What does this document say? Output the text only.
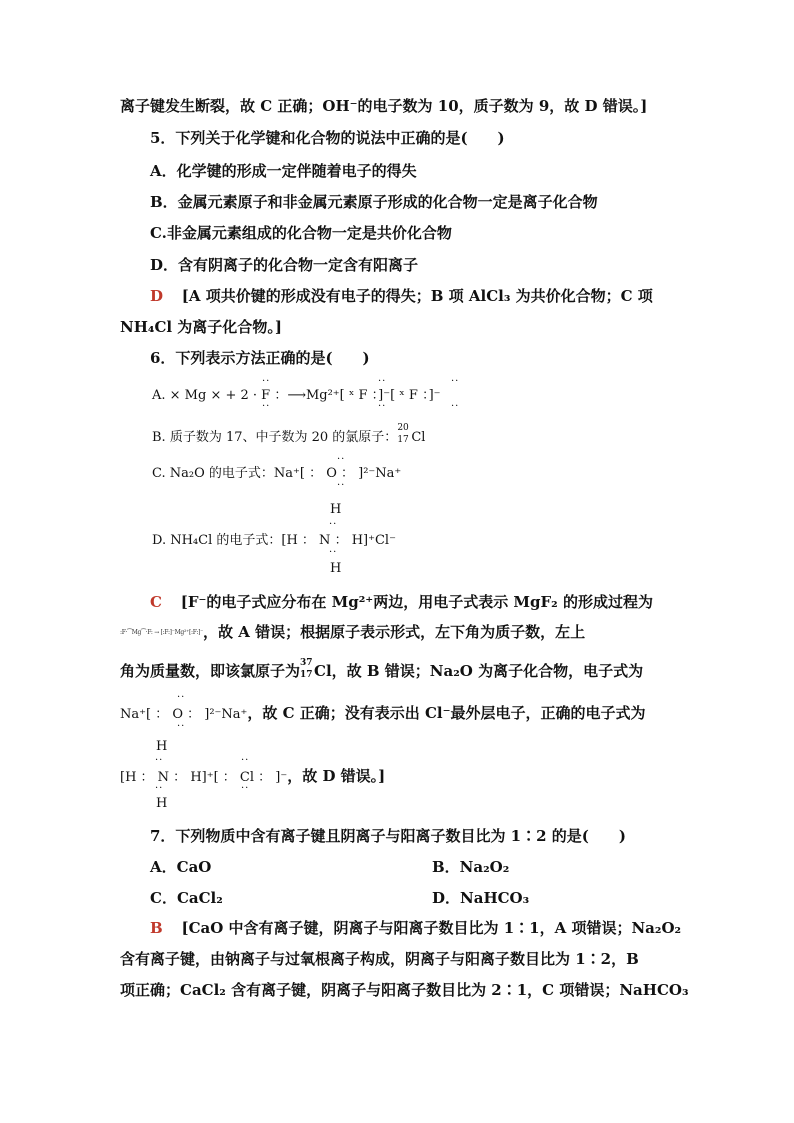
离子键发生断裂，故 C 正确；OH⁻的电子数为 10，质子数为 9，故 D 错误。]
5．下列关于化学键和化合物的说法中正确的是(　　)
A．化学键的形成一定伴随着电子的得失
B．金属元素原子和非金属元素原子形成的化合物一定是离子化合物
C.非金属元素组成的化合物一定是共价化合物
D．含有阴离子的化合物一定含有阳离子
D [A 项共价键的形成没有电子的得失；B 项 AlCl₃ 为共价化合物；C 项
NH₄Cl 为离子化合物。]
6．下列表示方法正确的是(　　)
··	··	··
A. × Mg × + 2 · F ：⟶Mg²⁺[ ˣ F ：]⁻[ ˣ F ：]⁻
··	··	··
B. 质子数为 17、中子数为 20 的氯原子：
20
17 Cl
··
C. Na₂O 的电子式：Na⁺[ ： O ： ]²⁻Na⁺
··
H
··
D. NH₄Cl 的电子式：[H ： N ： H]⁺Cl⁻
··
H
C [F⁻的电子式应分布在 Mg²⁺两边，用电子式表示 MgF₂ 的形成过程为
:F·⁀Mg⁀·F: → [:F:]⁻Mg²⁺[:F:]⁻，故 A 错误；根据原子表示形式，左下角为质子数，左上
角为质量数，即该氯原子为 37
17 Cl，故 B 错误；Na₂O 为离子化合物，电子式为
··
Na⁺[ ： O ： ]²⁻Na⁺，故 C 正确；没有表示出 Cl⁻最外层电子，正确的电子式为
··
H
··	··
[H ： N ： H]⁺[ ： Cl ： ]⁻，故 D 错误。]
··	··
H
7．下列物质中含有离子键且阴离子与阳离子数目比为 1∶2 的是(　　)
A．CaO	B．Na₂O₂
C．CaCl₂	D．NaHCO₃
B [CaO 中含有离子键，阴离子与阳离子数目比为 1∶1，A 项错误；Na₂O₂
含有离子键，由钠离子与过氧根离子构成，阴离子与阳离子数目比为 1∶2，B
项正确；CaCl₂ 含有离子键，阴离子与阳离子数目比为 2∶1，C 项错误；NaHCO₃
